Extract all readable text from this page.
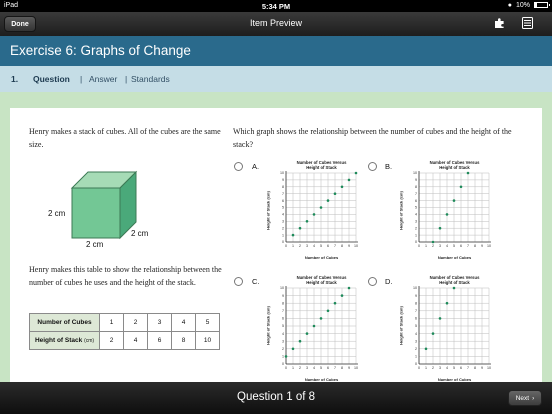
iPad	5:34 PM	● 10%
Done	Item Preview
Exercise 6: Graphs of Change
1. Question | Answer | Standards
Henry makes a stack of cubes. All of the cubes are the same size.
2 cm
2 cm
2 cm
Henry makes this table to show the relationship between the number of cubes he uses and the height of the stack.
Number of Cubes	1	2	3	4	5
Height of Stack (cm)	2	4	6	8	10
Which graph shows the relationship between the number of cubes and the height of the stack?
A.
0
0
1
1
2
2
3
3
4
4
5
5
6
6
7
7
8
8
9
9
10
10
Number of Cubes Versus
Height of Stack
Height of Stack (cm)
Number of Cubes
B.
0
0
1
1
2
2
3
3
4
4
5
5
6
6
7
7
8
8
9
9
10
10
Number of Cubes Versus
Height of Stack
Height of Stack (cm)
Number of Cubes
C.
0
0
1
1
2
2
3
3
4
4
5
5
6
6
7
7
8
8
9
9
10
10
Number of Cubes Versus
Height of Stack
Height of Stack (cm)
Number of Cubes
D.
0
0
1
1
2
2
3
3
4
4
5
5
6
6
7
7
8
8
9
9
10
10
Number of Cubes Versus
Height of Stack
Height of Stack (cm)
Number of Cubes
Question 1 of 8	Next ›
